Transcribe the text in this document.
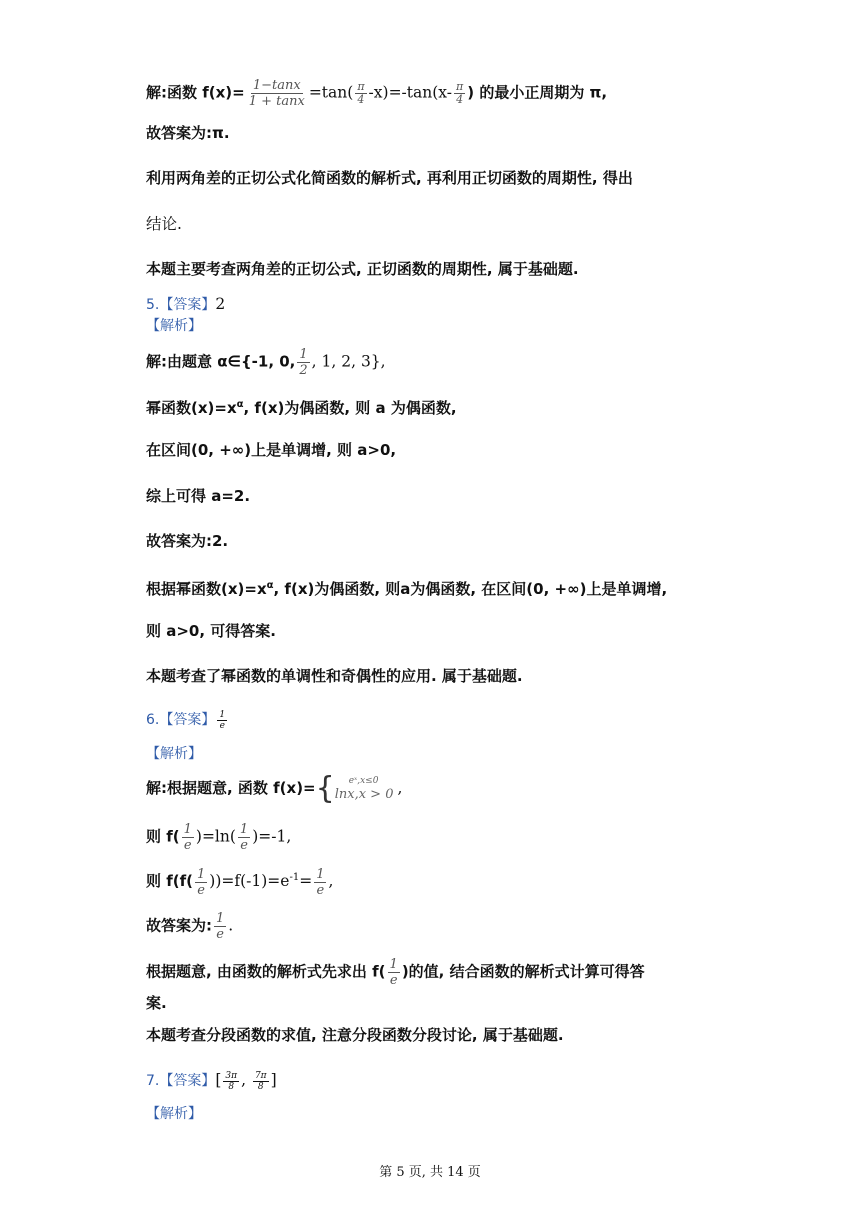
解:函数 $f(x)= \frac{1-\tan x}{1 + \tan x} =\tan( \frac{\pi}{4} -x)=-\tan(x- \frac{\pi}{4}$ ) 的最小正周期为 π,
故答案为:π.
利用两角差的正切公式化简函数的解析式, 再利用正切函数的周期性, 得出
结论.
本题主要考查两角差的正切公式, 正切函数的周期性, 属于基础题.
5.【答案】2
【解析】
解:由题意 α∈{-1, 0, $\frac{1}{2}$ , 1, 2, 3},
幂函数$(x)=x^\alpha$, f(x)为偶函数, 则 a 为偶函数,
在区间(0, +∞)上是单调增, 则 a>0,
综上可得 a=2.
故答案为:2.
根据幂函数$(x)=x^\alpha$, f(x)为偶函数, 则a为偶函数, 在区间(0, +∞)上是单调增,
则 a>0, 可得答案.
本题考查了幂函数的单调性和奇偶性的应用. 属于基础题.
6.【答案】 $\frac{1}{e}$
【解析】
解:根据题意, 函数 f(x)={	eˣ,x≤0
lnx,x > 0 ,
则 $f( \frac{1}{e} )=\ln( \frac{1}{e} )=-1$,
则 $f(f( \frac{1}{e} ))=f(-1)=e^{-1}= \frac{1}{e}$ ,
故答案为: $\frac{1}{e}$ .
根据题意, 由函数的解析式先求出 $f( \frac{1}{e}$ )的值, 结合函数的解析式计算可得答
案.
本题考查分段函数的求值, 注意分段函数分段讨论, 属于基础题.
7.【答案】[ $\frac{3\pi}{8}$ , $\frac{7\pi}{8}$ ]
【解析】
第 5 页, 共 14 页
